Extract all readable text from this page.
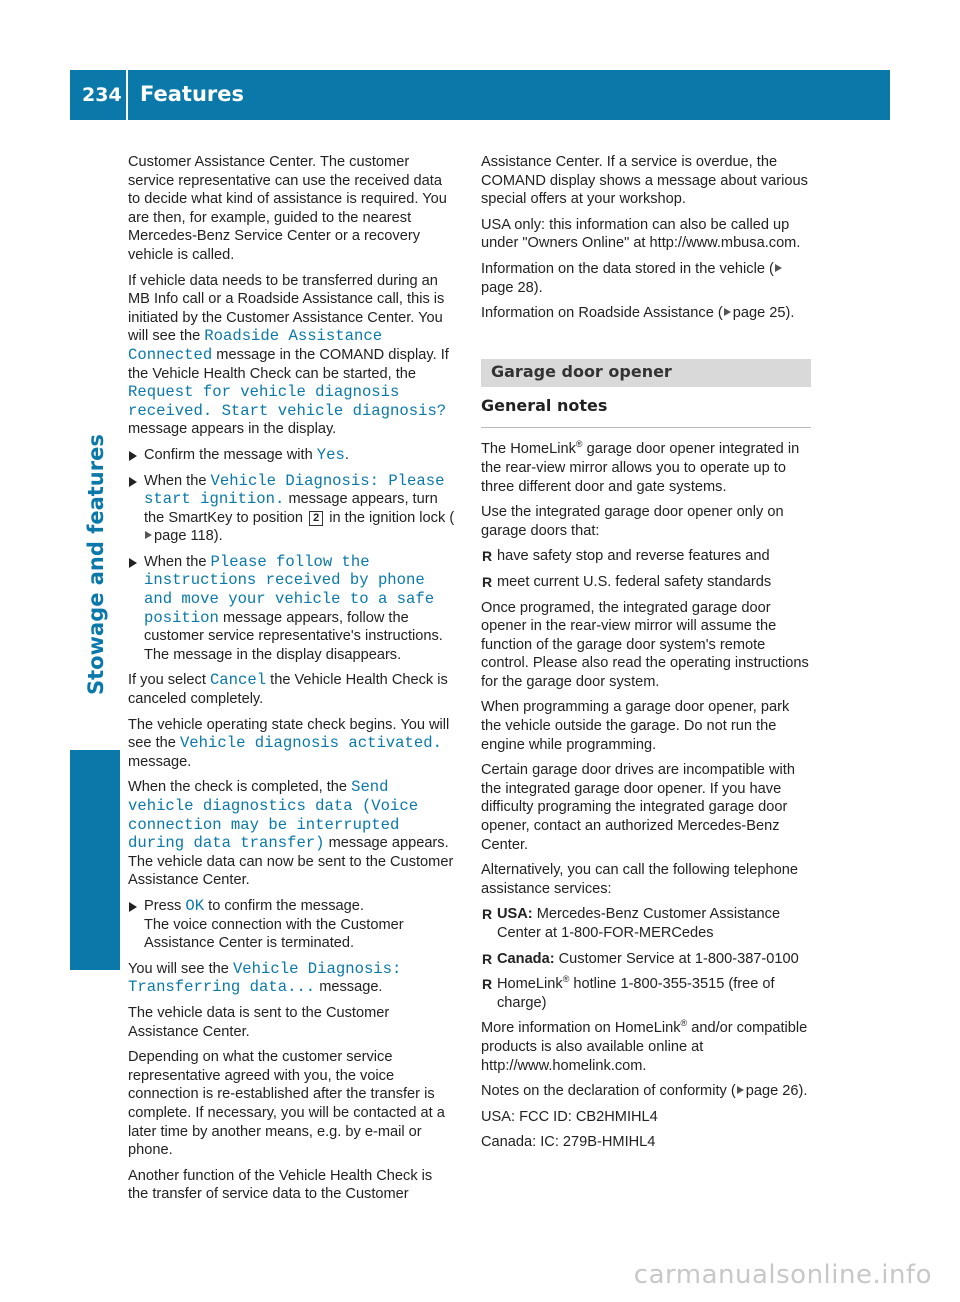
234 Features
Stowage and features

Customer Assistance Center. The customer service representative can use the received data to decide what kind of assistance is required. You are then, for example, guided to the nearest Mercedes-Benz Service Center or a recovery vehicle is called.

If vehicle data needs to be transferred during an MB Info call or a Roadside Assistance call, this is initiated by the Customer Assistance Center. You will see the Roadside Assistance Connected message in the COMAND display. If the Vehicle Health Check can be started, the Request for vehicle diagnosis received. Start vehicle diagnosis? message appears in the display.

Confirm the message with Yes.
When the Vehicle Diagnosis: Please start ignition. message appears, turn the SmartKey to position 2 in the ignition lock (page 118).
When the Please follow the instructions received by phone and move your vehicle to a safe position message appears, follow the customer service representative's instructions.
The message in the display disappears.

If you select Cancel the Vehicle Health Check is canceled completely.

The vehicle operating state check begins. You will see the Vehicle diagnosis activated. message.

When the check is completed, the Send vehicle diagnostics data (Voice connection may be interrupted during data transfer) message appears. The vehicle data can now be sent to the Customer Assistance Center.

Press OK to confirm the message.
The voice connection with the Customer Assistance Center is terminated.

You will see the Vehicle Diagnosis: Transferring data... message.

The vehicle data is sent to the Customer Assistance Center.

Depending on what the customer service representative agreed with you, the voice connection is re-established after the transfer is complete. If necessary, you will be contacted at a later time by another means, e.g. by e-mail or phone.

Another function of the Vehicle Health Check is the transfer of service data to the Customer

Assistance Center. If a service is overdue, the COMAND display shows a message about various special offers at your workshop.

USA only: this information can also be called up under "Owners Online" at http://www.mbusa.com.

Information on the data stored in the vehicle (page 28).

Information on Roadside Assistance ( page 25).

Garage door opener
General notes

The HomeLink® garage door opener integrated in the rear-view mirror allows you to operate up to three different door and gate systems.

Use the integrated garage door opener only on garage doors that:

R have safety stop and reverse features and
R meet current U.S. federal safety standards

Once programed, the integrated garage door opener in the rear-view mirror will assume the function of the garage door system's remote control. Please also read the operating instructions for the garage door system.

When programming a garage door opener, park the vehicle outside the garage. Do not run the engine while programming.

Certain garage door drives are incompatible with the integrated garage door opener. If you have difficulty programing the integrated garage door opener, contact an authorized Mercedes-Benz Center.

Alternatively, you can call the following telephone assistance services:

R USA: Mercedes-Benz Customer Assistance Center at 1-800-FOR-MERCedes
R Canada: Customer Service at 1-800-387-0100
R HomeLink® hotline 1-800-355-3515 (free of charge)

More information on HomeLink® and/or compatible products is also available online at http://www.homelink.com.

Notes on the declaration of conformity ( page 26).

USA: FCC ID: CB2HMIHL4

Canada: IC: 279B-HMIHL4

carmanualsonline.info
